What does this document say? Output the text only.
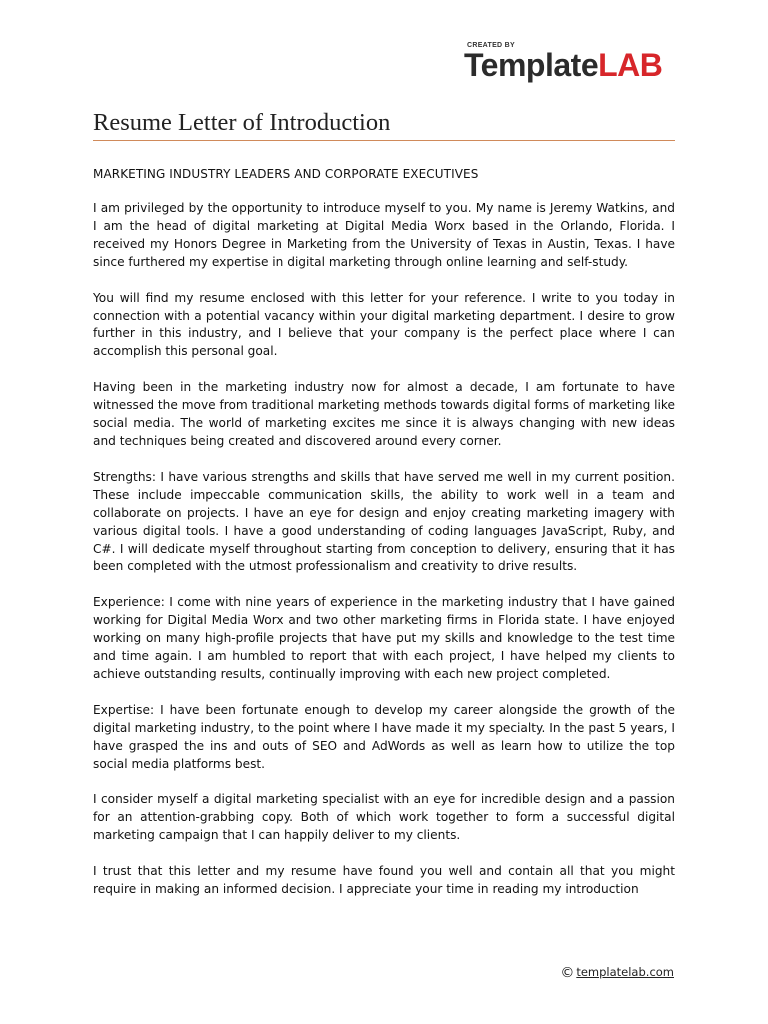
CREATED BY
TemplateLAB
Resume Letter of Introduction
MARKETING INDUSTRY LEADERS AND CORPORATE EXECUTIVES

I am privileged by the opportunity to introduce myself to you. My name is Jeremy Watkins, and I am the head of digital marketing at Digital Media Worx based in the Orlando, Florida. I received my Honors Degree in Marketing from the University of Texas in Austin, Texas. I have since furthered my expertise in digital marketing through online learning and self-study.

You will find my resume enclosed with this letter for your reference. I write to you today in connection with a potential vacancy within your digital marketing department. I desire to grow further in this industry, and I believe that your company is the perfect place where I can accomplish this personal goal.

Having been in the marketing industry now for almost a decade, I am fortunate to have witnessed the move from traditional marketing methods towards digital forms of marketing like social media. The world of marketing excites me since it is always changing with new ideas and techniques being created and discovered around every corner.

Strengths: I have various strengths and skills that have served me well in my current position. These include impeccable communication skills, the ability to work well in a team and collaborate on projects. I have an eye for design and enjoy creating marketing imagery with various digital tools. I have a good understanding of coding languages JavaScript, Ruby, and C#. I will dedicate myself throughout starting from conception to delivery, ensuring that it has been completed with the utmost professionalism and creativity to drive results.

Experience: I come with nine years of experience in the marketing industry that I have gained working for Digital Media Worx and two other marketing firms in Florida state. I have enjoyed working on many high-profile projects that have put my skills and knowledge to the test time and time again. I am humbled to report that with each project, I have helped my clients to achieve outstanding results, continually improving with each new project completed.

Expertise: I have been fortunate enough to develop my career alongside the growth of the digital marketing industry, to the point where I have made it my specialty. In the past 5 years, I have grasped the ins and outs of SEO and AdWords as well as learn how to utilize the top social media platforms best.

I consider myself a digital marketing specialist with an eye for incredible design and a passion for an attention-grabbing copy. Both of which work together to form a successful digital marketing campaign that I can happily deliver to my clients.

I trust that this letter and my resume have found you well and contain all that you might require in making an informed decision. I appreciate your time in reading my introduction

© templatelab.com
